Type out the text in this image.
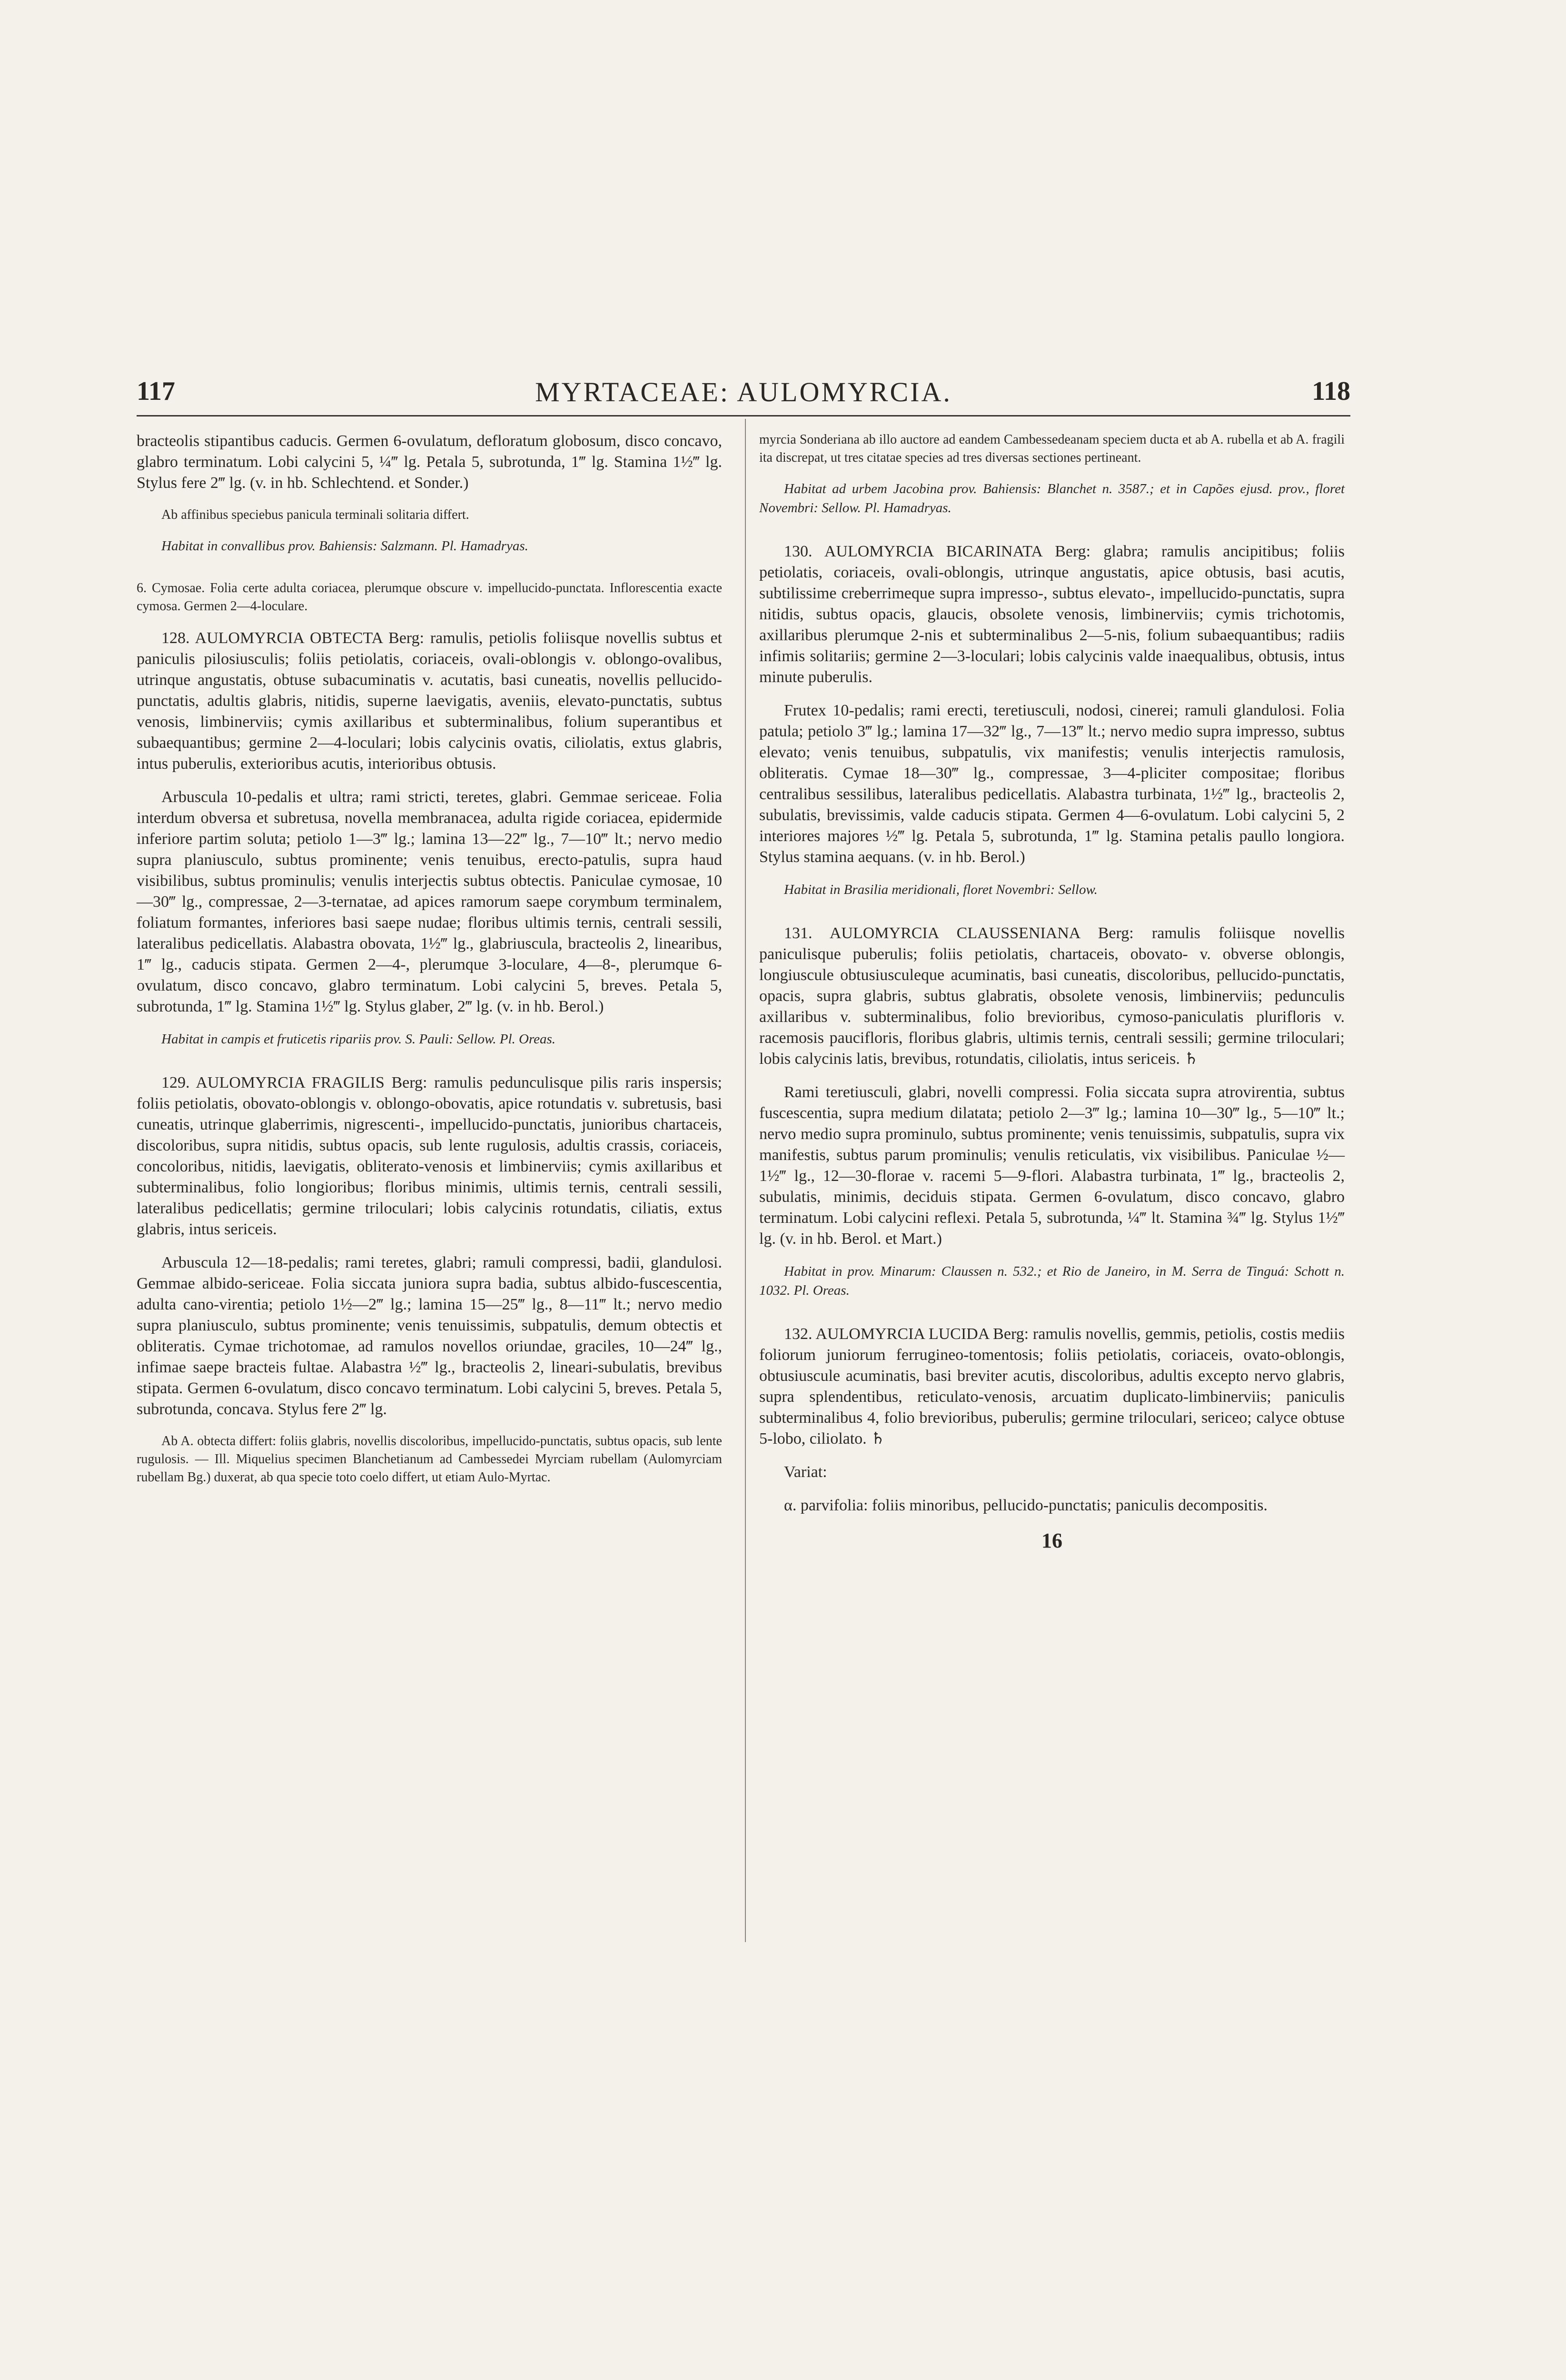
117	MYRTACEAE: AULOMYRCIA.	118

bracteolis stipantibus caducis. Germen 6-ovulatum, defloratum globosum, disco concavo, glabro terminatum. Lobi calycini 5, ¼‴ lg. Petala 5, subrotunda, 1‴ lg. Stamina 1½‴ lg. Stylus fere 2‴ lg. (v. in hb. Schlechtend. et Sonder.)

Ab affinibus speciebus panicula terminali solitaria differt.

Habitat in convallibus prov. Bahiensis: Salzmann. Pl. Hamadryas.

6. Cymosae. Folia certe adulta coriacea, plerumque obscure v. impellucido-punctata. Inflorescentia exacte cymosa. Germen 2—4-loculare.

128. AULOMYRCIA OBTECTA Berg: ramulis, petiolis foliisque novellis subtus et paniculis pilosiusculis; foliis petiolatis, coriaceis, ovali-oblongis v. oblongo-ovalibus, utrinque angustatis, obtuse subacuminatis v. acutatis, basi cuneatis, novellis pellucido-punctatis, adultis glabris, nitidis, superne laevigatis, aveniis, elevato-punctatis, subtus venosis, limbinerviis; cymis axillaribus et subterminalibus, folium superantibus et subaequantibus; germine 2—4-loculari; lobis calycinis ovatis, ciliolatis, extus glabris, intus puberulis, exterioribus acutis, interioribus obtusis.

Arbuscula 10-pedalis et ultra; rami stricti, teretes, glabri. Gemmae sericeae. Folia interdum obversa et subretusa, novella membranacea, adulta rigide coriacea, epidermide inferiore partim soluta; petiolo 1—3‴ lg.; lamina 13—22‴ lg., 7—10‴ lt.; nervo medio supra planiusculo, subtus prominente; venis tenuibus, erecto-patulis, supra haud visibilibus, subtus prominulis; venulis interjectis subtus obtectis. Paniculae cymosae, 10—30‴ lg., compressae, 2—3-ternatae, ad apices ramorum saepe corymbum terminalem, foliatum formantes, inferiores basi saepe nudae; floribus ultimis ternis, centrali sessili, lateralibus pedicellatis. Alabastra obovata, 1½‴ lg., glabriuscula, bracteolis 2, linearibus, 1‴ lg., caducis stipata. Germen 2—4-, plerumque 3-loculare, 4—8-, plerumque 6-ovulatum, disco concavo, glabro terminatum. Lobi calycini 5, breves. Petala 5, subrotunda, 1‴ lg. Stamina 1½‴ lg. Stylus glaber, 2‴ lg. (v. in hb. Berol.)

Habitat in campis et fruticetis ripariis prov. S. Pauli: Sellow. Pl. Oreas.

129. AULOMYRCIA FRAGILIS Berg: ramulis pedunculisque pilis raris inspersis; foliis petiolatis, obovato-oblongis v. oblongo-obovatis, apice rotundatis v. subretusis, basi cuneatis, utrinque glaberrimis, nigrescenti-, impellucido-punctatis, junioribus chartaceis, discoloribus, supra nitidis, subtus opacis, sub lente rugulosis, adultis crassis, coriaceis, concoloribus, nitidis, laevigatis, obliterato-venosis et limbinerviis; cymis axillaribus et subterminalibus, folio longioribus; floribus minimis, ultimis ternis, centrali sessili, lateralibus pedicellatis; germine triloculari; lobis calycinis rotundatis, ciliatis, extus glabris, intus sericeis.

Arbuscula 12—18-pedalis; rami teretes, glabri; ramuli compressi, badii, glandulosi. Gemmae albido-sericeae. Folia siccata juniora supra badia, subtus albido-fuscescentia, adulta cano-virentia; petiolo 1½—2‴ lg.; lamina 15—25‴ lg., 8—11‴ lt.; nervo medio supra planiusculo, subtus prominente; venis tenuissimis, subpatulis, demum obtectis et obliteratis. Cymae trichotomae, ad ramulos novellos oriundae, graciles, 10—24‴ lg., infimae saepe bracteis fultae. Alabastra ½‴ lg., bracteolis 2, lineari-subulatis, brevibus stipata. Germen 6-ovulatum, disco concavo terminatum. Lobi calycini 5, breves. Petala 5, subrotunda, concava. Stylus fere 2‴ lg.

Ab A. obtecta differt: foliis glabris, novellis discoloribus, impellucido-punctatis, subtus opacis, sub lente rugulosis. — Ill. Miquelius specimen Blanchetianum ad Cambessedei Myrciam rubellam (Aulomyrciam rubellam Bg.) duxerat, ab qua specie toto coelo differt, ut etiam Aulo-Myrtac.

myrcia Sonderiana ab illo auctore ad eandem Cambessedeanam speciem ducta et ab A. rubella et ab A. fragili ita discrepat, ut tres citatae species ad tres diversas sectiones pertineant.

Habitat ad urbem Jacobina prov. Bahiensis: Blanchet n. 3587.; et in Capões ejusd. prov., floret Novembri: Sellow. Pl. Hamadryas.

130. AULOMYRCIA BICARINATA Berg: glabra; ramulis ancipitibus; foliis petiolatis, coriaceis, ovali-oblongis, utrinque angustatis, apice obtusis, basi acutis, subtilissime creberrimeque supra impresso-, subtus elevato-, impellucido-punctatis, supra nitidis, subtus opacis, glaucis, obsolete venosis, limbinerviis; cymis trichotomis, axillaribus plerumque 2-nis et subterminalibus 2—5-nis, folium subaequantibus; radiis infimis solitariis; germine 2—3-loculari; lobis calycinis valde inaequalibus, obtusis, intus minute puberulis.

Frutex 10-pedalis; rami erecti, teretiusculi, nodosi, cinerei; ramuli glandulosi. Folia patula; petiolo 3‴ lg.; lamina 17—32‴ lg., 7—13‴ lt.; nervo medio supra impresso, subtus elevato; venis tenuibus, subpatulis, vix manifestis; venulis interjectis ramulosis, obliteratis. Cymae 18—30‴ lg., compressae, 3—4-pliciter compositae; floribus centralibus sessilibus, lateralibus pedicellatis. Alabastra turbinata, 1½‴ lg., bracteolis 2, subulatis, brevissimis, valde caducis stipata. Germen 4—6-ovulatum. Lobi calycini 5, 2 interiores majores ½‴ lg. Petala 5, subrotunda, 1‴ lg. Stamina petalis paullo longiora. Stylus stamina aequans. (v. in hb. Berol.)

Habitat in Brasilia meridionali, floret Novembri: Sellow.

131. AULOMYRCIA CLAUSSENIANA Berg: ramulis foliisque novellis paniculisque puberulis; foliis petiolatis, chartaceis, obovato- v. obverse oblongis, longiuscule obtusiusculeque acuminatis, basi cuneatis, discoloribus, pellucido-punctatis, opacis, supra glabris, subtus glabratis, obsolete venosis, limbinerviis; pedunculis axillaribus v. subterminalibus, folio brevioribus, cymoso-paniculatis plurifloris v. racemosis paucifloris, floribus glabris, ultimis ternis, centrali sessili; germine triloculari; lobis calycinis latis, brevibus, rotundatis, ciliolatis, intus sericeis. ♄

Rami teretiusculi, glabri, novelli compressi. Folia siccata supra atrovirentia, subtus fuscescentia, supra medium dilatata; petiolo 2—3‴ lg.; lamina 10—30‴ lg., 5—10‴ lt.; nervo medio supra prominulo, subtus prominente; venis tenuissimis, subpatulis, supra vix manifestis, subtus parum prominulis; venulis reticulatis, vix visibilibus. Paniculae ½—1½‴ lg., 12—30-florae v. racemi 5—9-flori. Alabastra turbinata, 1‴ lg., bracteolis 2, subulatis, minimis, deciduis stipata. Germen 6-ovulatum, disco concavo, glabro terminatum. Lobi calycini reflexi. Petala 5, subrotunda, ¼‴ lt. Stamina ¾‴ lg. Stylus 1½‴ lg. (v. in hb. Berol. et Mart.)

Habitat in prov. Minarum: Claussen n. 532.; et Rio de Janeiro, in M. Serra de Tinguá: Schott n. 1032. Pl. Oreas.

132. AULOMYRCIA LUCIDA Berg: ramulis novellis, gemmis, petiolis, costis mediis foliorum juniorum ferrugineo-tomentosis; foliis petiolatis, coriaceis, ovato-oblongis, obtusiuscule acuminatis, basi breviter acutis, discoloribus, adultis excepto nervo glabris, supra splendentibus, reticulato-venosis, arcuatim duplicato-limbinerviis; paniculis subterminalibus 4, folio brevioribus, puberulis; germine triloculari, sericeo; calyce obtuse 5-lobo, ciliolato. ♄

Variat:

α. parvifolia: foliis minoribus, pellucido-punctatis; paniculis decompositis.

16
